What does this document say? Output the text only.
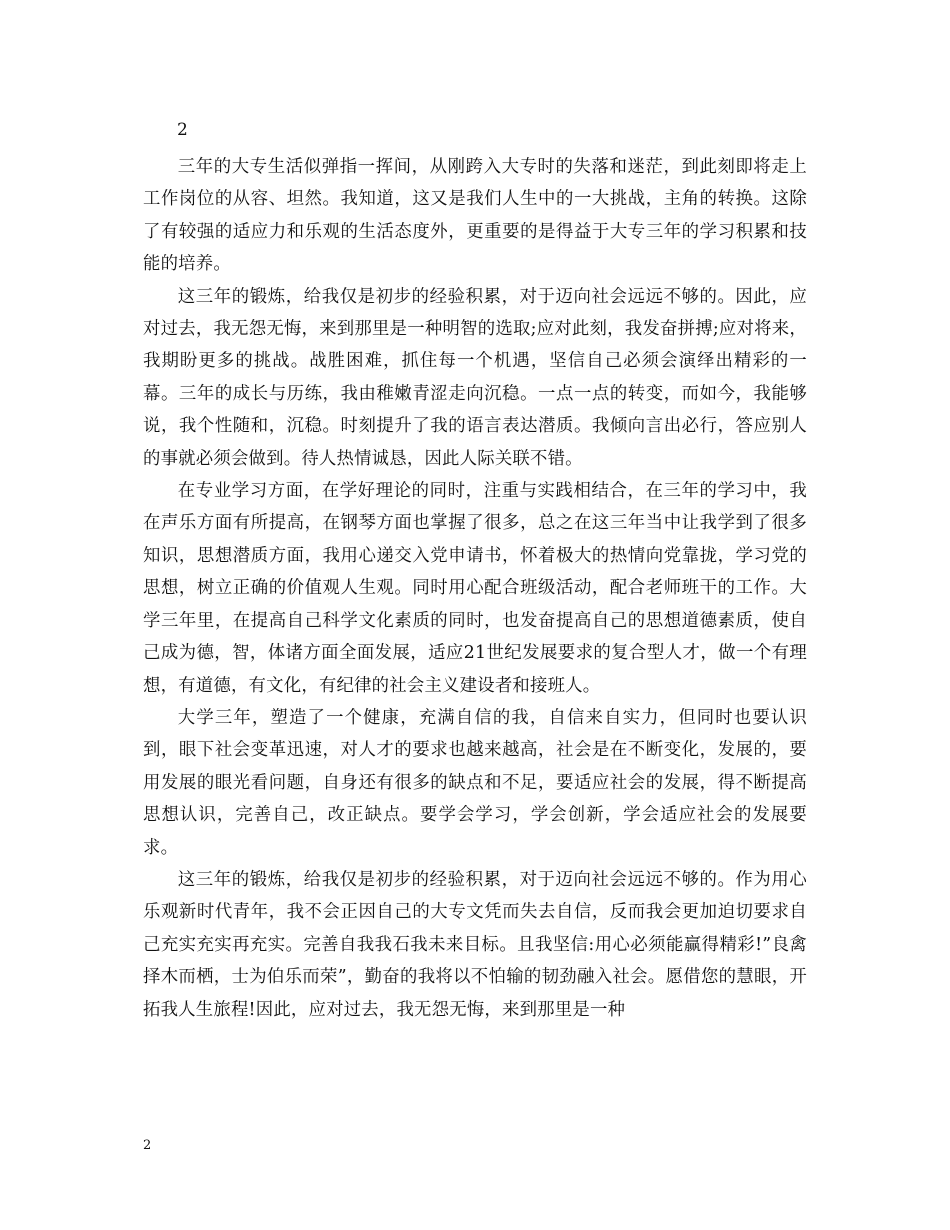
2

三年的大专生活似弹指一挥间，从刚跨入大专时的失落和迷茫，到此刻即将走上工作岗位的从容、坦然。我知道，这又是我们人生中的一大挑战，主角的转换。这除了有较强的适应力和乐观的生活态度外，更重要的是得益于大专三年的学习积累和技能的培养。

这三年的锻炼，给我仅是初步的经验积累，对于迈向社会远远不够的。因此，应对过去，我无怨无悔，来到那里是一种明智的选取;应对此刻，我发奋拼搏;应对将来，我期盼更多的挑战。战胜困难，抓住每一个机遇，坚信自己必须会演绎出精彩的一幕。三年的成长与历练，我由稚嫩青涩走向沉稳。一点一点的转变，而如今，我能够说，我个性随和，沉稳。时刻提升了我的语言表达潜质。我倾向言出必行，答应别人的事就必须会做到。待人热情诚恳，因此人际关联不错。

在专业学习方面，在学好理论的同时，注重与实践相结合，在三年的学习中，我在声乐方面有所提高，在钢琴方面也掌握了很多，总之在这三年当中让我学到了很多知识，思想潜质方面，我用心递交入党申请书，怀着极大的热情向党靠拢，学习党的思想，树立正确的价值观人生观。同时用心配合班级活动，配合老师班干的工作。大学三年里，在提高自己科学文化素质的同时，也发奋提高自己的思想道德素质，使自己成为德，智，体诸方面全面发展，适应21世纪发展要求的复合型人才，做一个有理想，有道德，有文化，有纪律的社会主义建设者和接班人。

大学三年，塑造了一个健康，充满自信的我，自信来自实力，但同时也要认识到，眼下社会变革迅速，对人才的要求也越来越高，社会是在不断变化，发展的，要用发展的眼光看问题，自身还有很多的缺点和不足，要适应社会的发展，得不断提高思想认识，完善自己，改正缺点。要学会学习，学会创新，学会适应社会的发展要求。

这三年的锻炼，给我仅是初步的经验积累，对于迈向社会远远不够的。作为用心乐观新时代青年，我不会正因自己的大专文凭而失去自信，反而我会更加迫切要求自己充实充实再充实。完善自我我石我未来目标。且我坚信:用心必须能赢得精彩!”良禽择木而栖，士为伯乐而荣”，勤奋的我将以不怕输的韧劲融入社会。愿借您的慧眼，开拓我人生旅程!因此，应对过去，我无怨无悔，来到那里是一种

2
